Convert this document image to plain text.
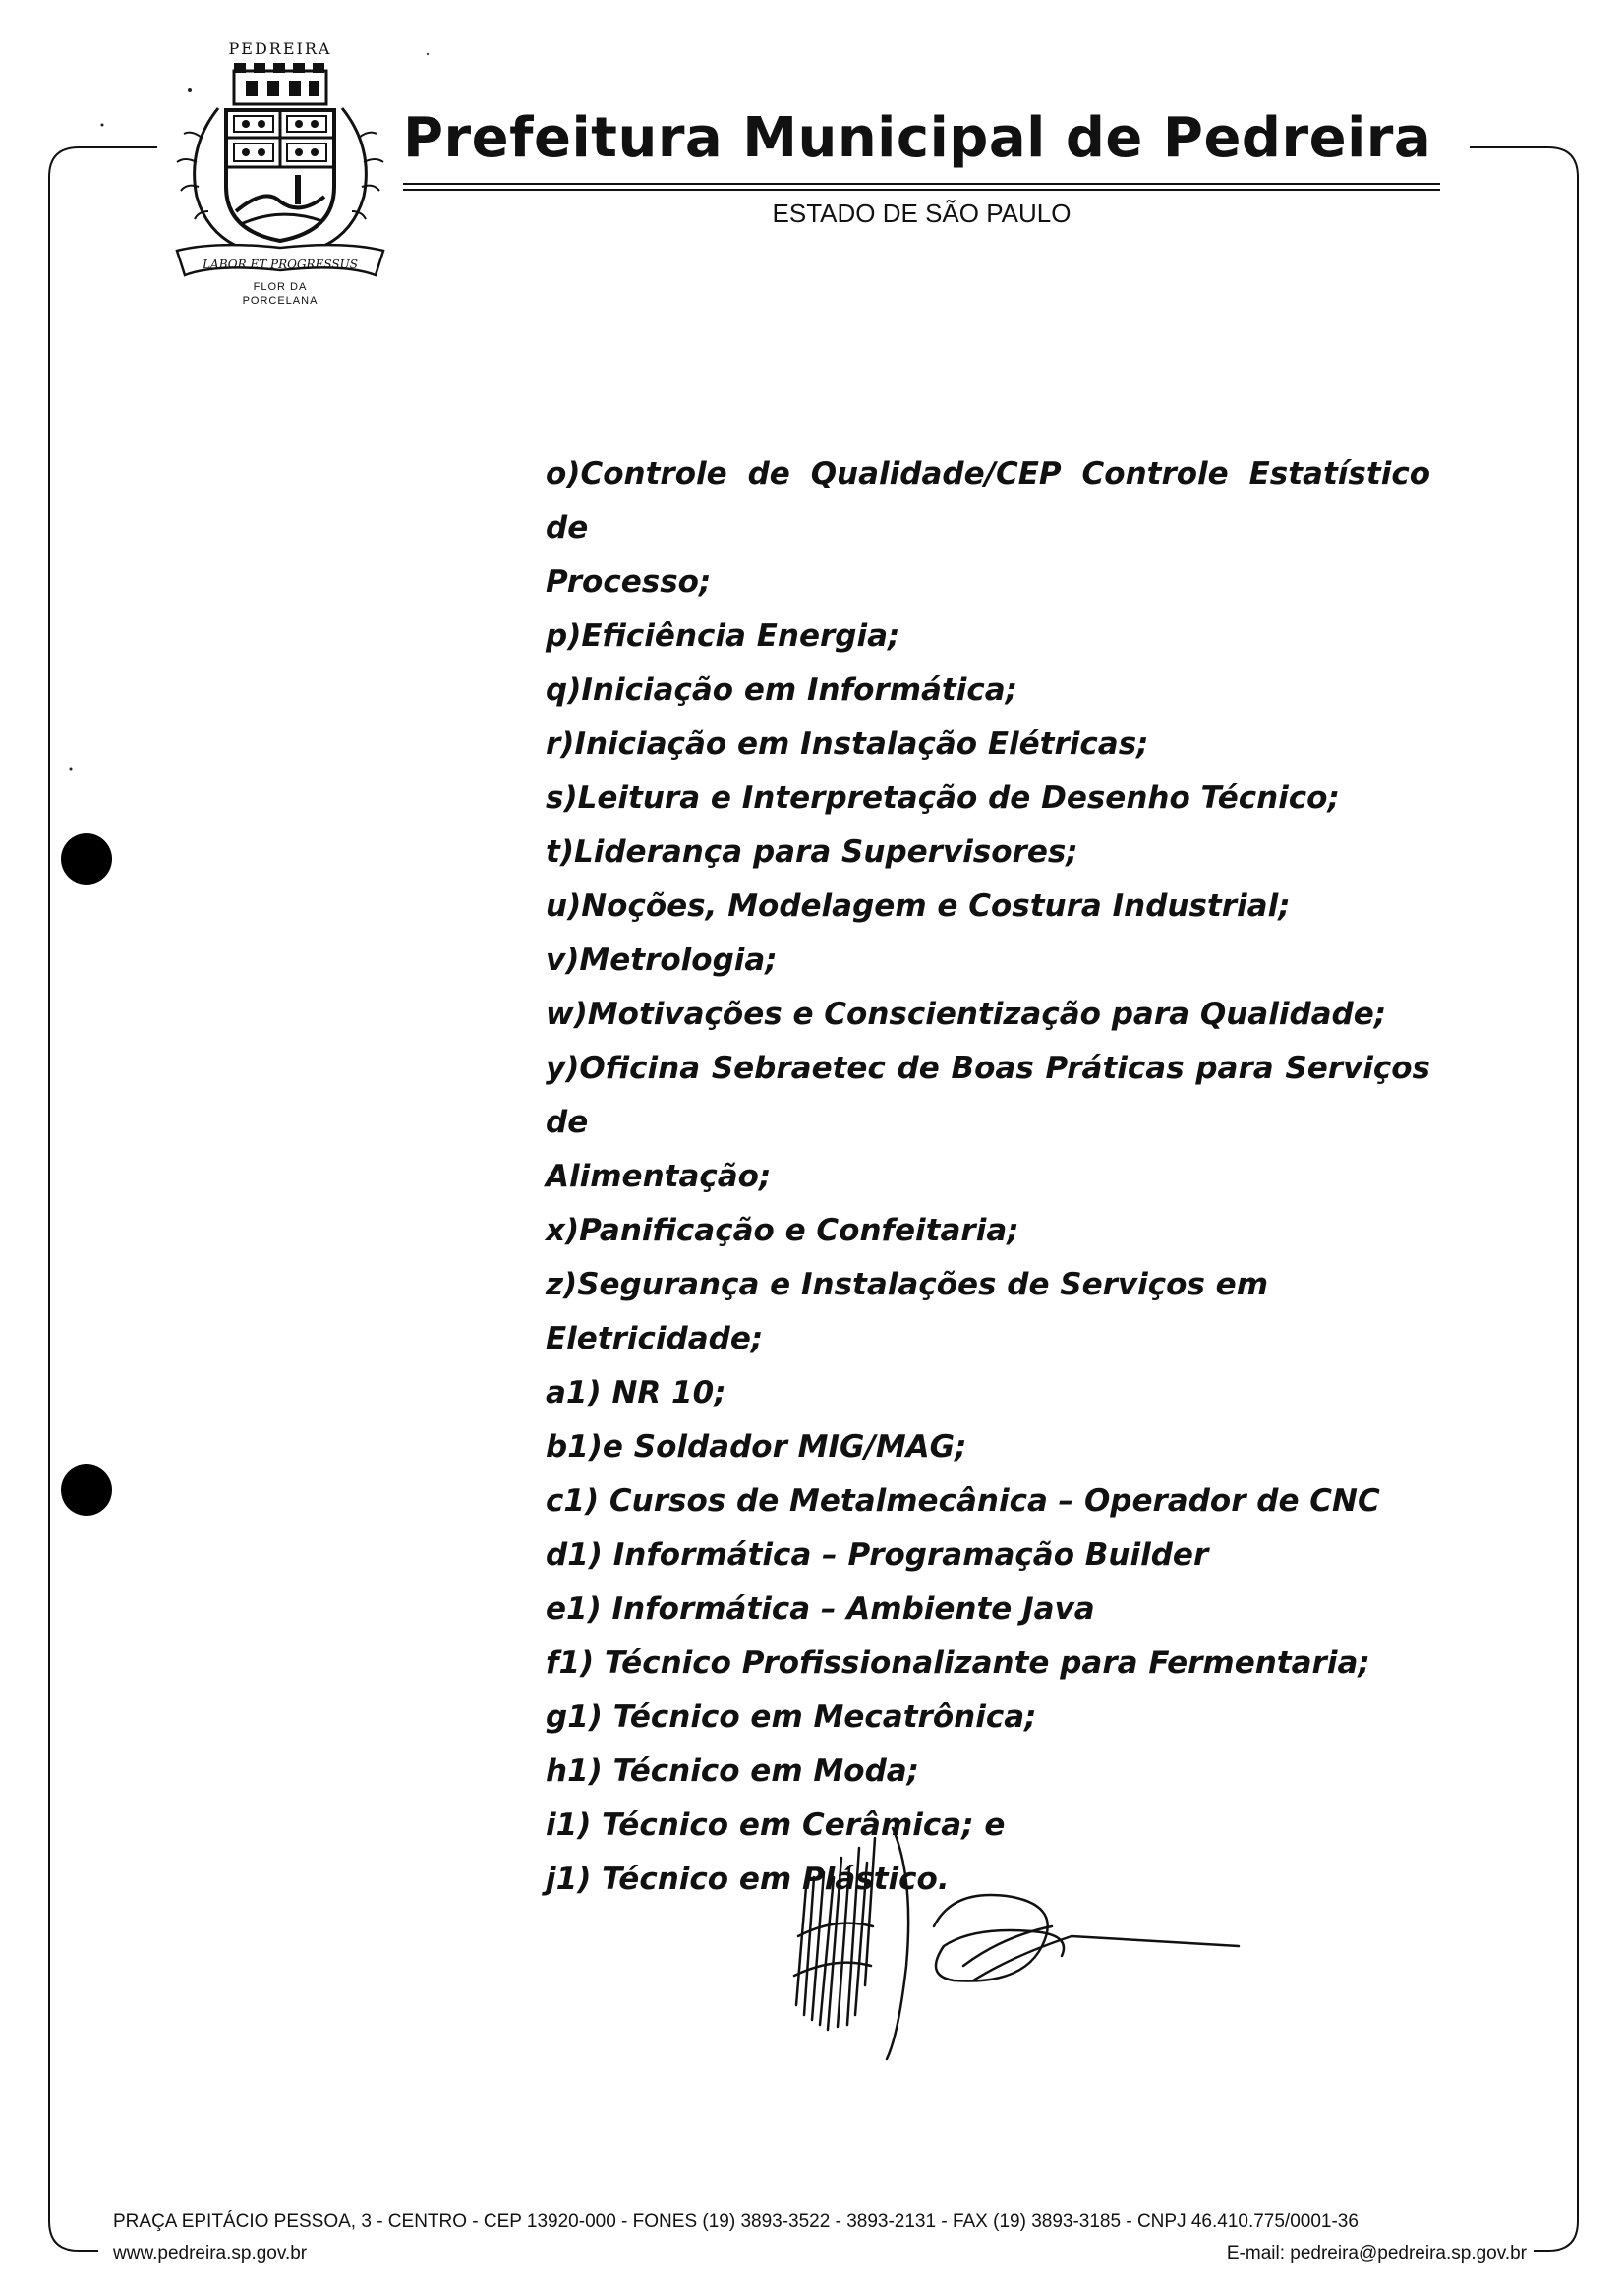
PEDREIRA
LABOR ET PROGRESSUS
FLOR DA
PORCELANA
Prefeitura Municipal de Pedreira
ESTADO DE SÃO PAULO
o)Controle de Qualidade/CEP Controle Estatístico de
Processo;
p)Eficiência Energia;
q)Iniciação em Informática;
r)Iniciação em Instalação Elétricas;
s)Leitura e Interpretação de Desenho Técnico;
t)Liderança para Supervisores;
u)Noções, Modelagem e Costura Industrial;
v)Metrologia;
w)Motivações e Conscientização para Qualidade;
y)Oficina Sebraetec de Boas Práticas para Serviços de
Alimentação;
x)Panificação e Confeitaria;
z)Segurança e Instalações de Serviços em Eletricidade;
a1) NR 10;
b1)e Soldador MIG/MAG;
c1) Cursos de Metalmecânica – Operador de CNC
d1) Informática – Programação Builder
e1) Informática – Ambiente Java
f1) Técnico Profissionalizante para Fermentaria;
g1) Técnico em Mecatrônica;
h1) Técnico em Moda;
i1) Técnico em Cerâmica; e
j1) Técnico em Plástico.
PRAÇA EPITÁCIO PESSOA, 3 - CENTRO - CEP 13920-000 - FONES (19) 3893-3522 - 3893-2131 - FAX (19) 3893-3185 - CNPJ 46.410.775/0001-36
www.pedreira.sp.gov.br	E-mail: pedreira@pedreira.sp.gov.br
